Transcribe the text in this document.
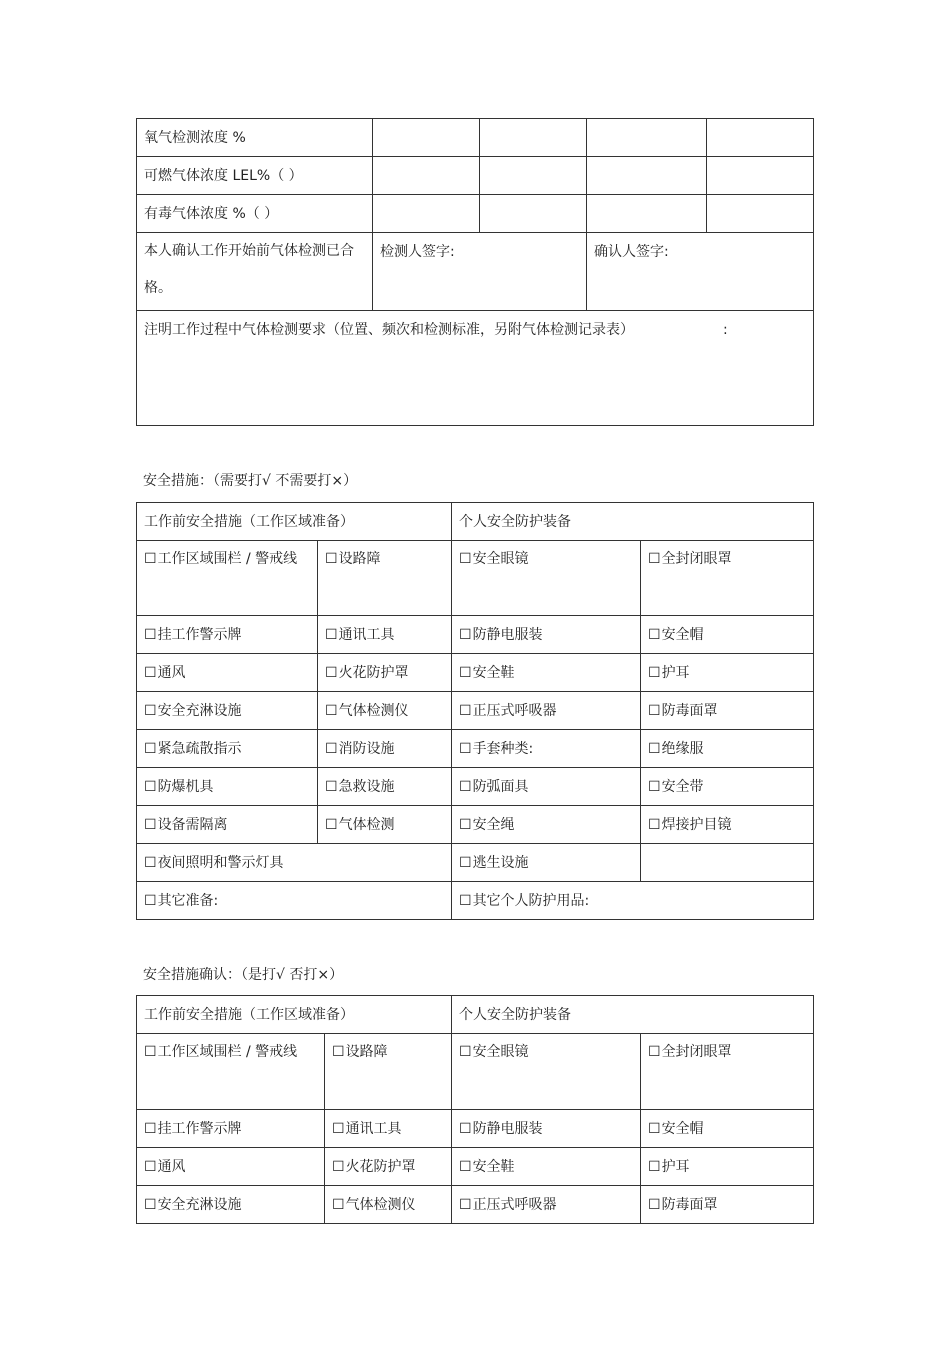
氧气检测浓度 %				
可燃气体浓度 LEL%（ ）				
有毒气体浓度 %（ ）				
本人确认工作开始前气体检测已合格。	检测人签字:		确认人签字:	
注明工作过程中气体检测要求（位置、频次和检测标准，另附气体检测记录表） :				
安全措施：（需要打√ 不需要打×）
工作前安全措施（工作区域准备）		个人安全防护装备	
☐ 工作区域围栏 / 警戒线	☐ 设路障	☐ 安全眼镜	☐ 全封闭眼罩
☐ 挂工作警示牌	☐ 通讯工具	☐ 防静电服装	☐ 安全帽
☐ 通风	☐ 火花防护罩	☐ 安全鞋	☐ 护耳
☐ 安全充淋设施	☐ 气体检测仪	☐ 正压式呼吸器	☐ 防毒面罩
☐ 紧急疏散指示	☐ 消防设施	☐ 手套种类:	☐ 绝缘服
☐ 防爆机具	☐ 急救设施	☐ 防弧面具	☐ 安全带
☐ 设备需隔离	☐ 气体检测	☐ 安全绳	☐ 焊接护目镜
☐ 夜间照明和警示灯具		☐ 逃生设施	
☐ 其它准备:		☐ 其它个人防护用品:
安全措施确认：（是打√ 否打×）
工作前安全措施（工作区域准备）		个人安全防护装备	
☐ 工作区域围栏 / 警戒线	☐ 设路障	☐ 安全眼镜	☐ 全封闭眼罩
☐ 挂工作警示牌	☐ 通讯工具	☐ 防静电服装	☐ 安全帽
☐ 通风	☐ 火花防护罩	☐ 安全鞋	☐ 护耳
☐ 安全充淋设施	☐ 气体检测仪	☐ 正压式呼吸器	☐ 防毒面罩
